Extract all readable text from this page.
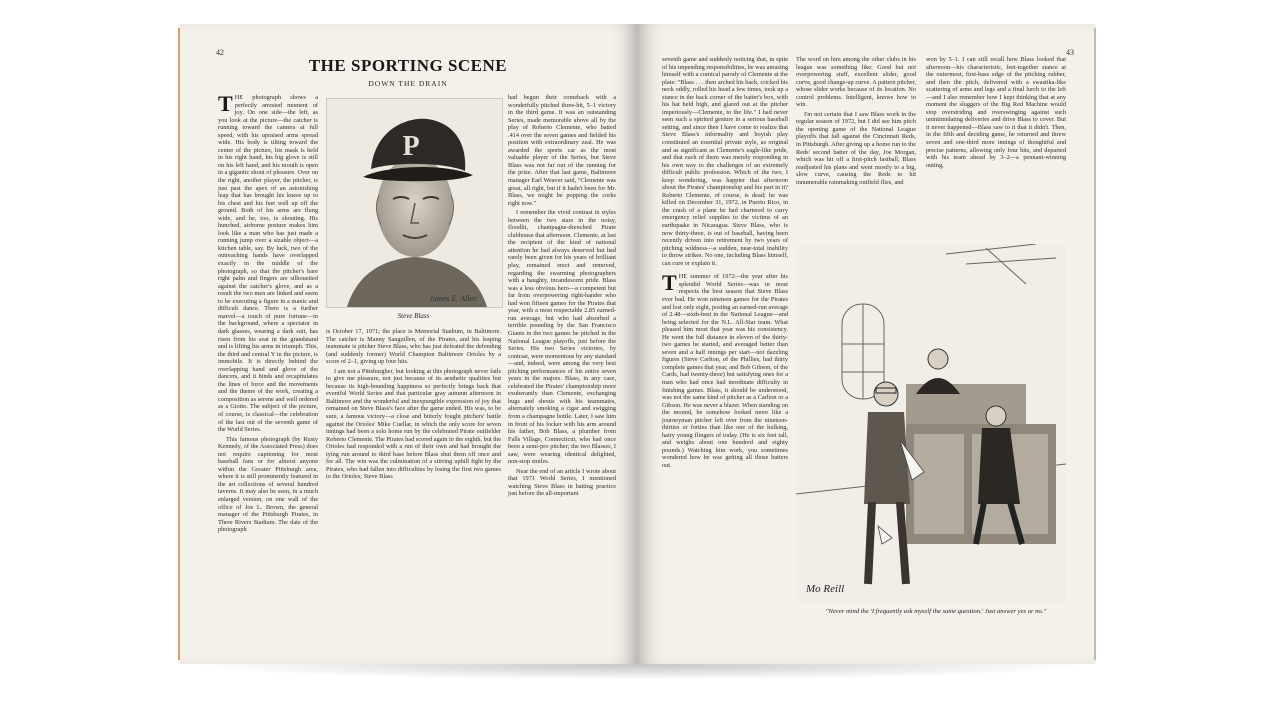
42
THE SPORTING SCENE
DOWN THE DRAIN

THE photograph shows a perfectly arrested moment of joy. On one side—the left, as you look at the picture—the catcher is running toward the camera at full speed, with his upraised arms spread wide. His body is tilting toward the center of the picture, his mask is held in his right hand, his big glove is still on his left hand, and his mouth is open in a gigantic shout of pleasure. Over on the right, another player, the pitcher, is just past the apex of an astonishing leap that has brought his knees up to his chest and his feet well up off the ground. Both of his arms are flung wide, and he, too, is shouting. His hunched, airborne posture makes him look like a man who has just made a running jump over a sizable object—a kitchen table, say. By luck, two of the outreaching hands have overlapped exactly in the middle of the photograph, so that the pitcher's bare right palm and fingers are silhouetted against the catcher's glove, and as a result the two men are linked and seem to be executing a figure in a manic and difficult dance. There is a further marvel—a touch of pure fortune—in the background, where a spectator in dark glasses, wearing a dark suit, has risen from his seat in the grandstand and is lifting his arms in triumph. This, the third and central Y in the picture, is immobile. It is directly behind the overlapping hand and glove of the dancers, and it binds and recapitulates the lines of force and the movements and the theme of the work, creating a composition as serene and well ordered as a Giotto. The subject of the picture, of course, is classical—the celebration of the last out of the seventh game of the World Series.

This famous photograph (by Rusty Kennedy, of the Associated Press) does not require captioning for most baseball fans or for almost anyone within the Greater Pittsburgh area, where it is still prominently featured in the art collections of several hundred taverns. It may also be seen, in a much enlarged version, on one wall of the office of Joe L. Brown, the general manager of the Pittsburgh Pirates, in Three Rivers Stadium. The date of the photograph

P
James E. Allen
Steve Blass

is October 17, 1971; the place is Memorial Stadium, in Baltimore. The catcher is Manny Sanguillen, of the Pirates, and his leaping teammate is pitcher Steve Blass, who has just defeated the defending (and suddenly former) World Champion Baltimore Orioles by a score of 2–1, giving up four hits.

I am not a Pittsburgher, but looking at this photograph never fails to give me pleasure, not just because of its aesthetic qualities but because its high-bounding happiness so perfectly brings back that eventful World Series and that particular gray autumn afternoon in Baltimore and the wonderful and inexpungible expression of joy that remained on Steve Blass's face after the game ended. His was, to be sure, a famous victory—a close and bitterly fought pitchers' battle against the Orioles' Mike Cuellar, in which the only score for seven innings had been a solo home run by the celebrated Pirate outfielder Roberto Clemente. The Pirates had scored again in the eighth, but the Orioles had responded with a run of their own and had brought the tying run around to third base before Blass shut them off once and for all. The win was the culmination of a stirring uphill fight by the Pirates, who had fallen into difficulties by losing the first two games to the Orioles; Steve Blass

had begun their comeback with a wonderfully pitched three-hit, 5–1 victory in the third game. It was an outstanding Series, made memorable above all by the play of Roberto Clemente, who batted .414 over the seven games and fielded his position with extraordinary zeal. He was awarded the sports car as the most valuable player of the Series, but Steve Blass was not far out of the running for the prize. After that last game, Baltimore manager Earl Weaver said, "Clemente was great, all right, but if it hadn't been for Mr. Blass, we might be popping the corks right now."

I remember the vivid contrast in styles between the two stars in the noisy, floodlit, champagne-drenched Pirate clubhouse that afternoon. Clemente, at last the recipient of the kind of national attention he had always deserved but had rarely been given for his years of brilliant play, remained erect and removed, regarding the swarming photographers with a haughty, incandescent pride. Blass was a less obvious hero—a competent but far from overpowering right-hander who had won fifteen games for the Pirates that year, with a most respectable 2.85 earned-run average, but who had absorbed a terrible pounding by the San Francisco Giants in the two games he pitched in the National League playoffs, just before the Series. His two Series victories, by contrast, were momentous by any standard—and, indeed, were among the very best pitching performances of his entire seven years in the majors. Blass, in any case, celebrated the Pirates' championship more exuberantly than Clemente, exchanging hugs and shouts with his teammates, alternately smoking a cigar and swigging from a champagne bottle. Later, I saw him in front of his locker with his arm around his father, Bob Blass, a plumber from Falls Village, Connecticut, who had once been a semi-pro pitcher; the two Blasses, I saw, were wearing identical delighted, non-stop smiles.

Near the end of an article I wrote about that 1971 World Series, I mentioned watching Steve Blass in batting practice just before the all-important

43

seventh game and suddenly noticing that, in spite of his impending responsibilities, he was amusing himself with a comical parody of Clemente at the plate: "Blass . . . then arched his back, cricked his neck oddly, rolled his head a few times, took up a stance in the back corner of the batter's box, with his bat held high, and glared out at the pitcher imperiously—Clemente, to the life." I had never seen such a spirited gesture in a serious baseball setting, and since then I have come to realize that Steve Blass's informality and boyish play constituted an essential private style, as original and as significant as Clemente's eagle-like pride, and that each of them was merely responding in his own way to the challenges of an extremely difficult public profession. Which of the two, I keep wondering, was happier that afternoon about the Pirates' championship and his part in it? Roberto Clemente, of course, is dead; he was killed on December 31, 1972, in Puerto Rico, in the crash of a plane he had chartered to carry emergency relief supplies to the victims of an earthquake in Nicaragua. Steve Blass, who is now thirty-three, is out of baseball, having been recently driven into retirement by two years of pitching wildness—a sudden, near-total inability to throw strikes. No one, including Blass himself, can cure or explain it.

THE summer of 1972—the year after his splendid World Series—was in most respects the best season that Steve Blass ever had. He won nineteen games for the Pirates and lost only eight, posting an earned-run average of 2.48—sixth-best in the National League—and being selected for the N.L. All-Star team. What pleased him most that year was his consistency. He went the full distance in eleven of the thirty-two games he started, and averaged better than seven and a half innings per start—not dazzling figures (Steve Carlton, of the Phillies, had thirty complete games that year, and Bob Gibson, of the Cards, had twenty-three) but satisfying ones for a man who had once had inordinate difficulty in finishing games. Blass, it should be understood, was not the same kind of pitcher as a Carlton or a Gibson. He was never a blazer. When standing on the mound, he somehow looked more like a journeyman pitcher left over from the nineteen-thirties or forties than like one of the hulking, hairy young flingers of today. (He is six feet tall, and weighs about one hundred and eighty pounds.) Watching him work, you sometimes wondered how he was getting all those batters out.

The word on him among the other clubs in his league was something like: Good but not overpowering stuff, excellent slider, good curve, good change-up curve. A pattern pitcher, whose slider works because of its location. No control problems. Intelligent, knows how to win.

I'm not certain that I saw Blass work in the regular season of 1972, but I did see him pitch the opening game of the National League playoffs that fall against the Cincinnati Reds, in Pittsburgh. After giving up a home run to the Reds' second batter of the day, Joe Morgan, which was hit off a first-pitch fastball, Blass readjusted his plans and went mostly to a big, slow curve, causing the Reds to hit innumerable rainmaking outfield flies, and

won by 5–1. I can still recall how Blass looked that afternoon—his characteristic, feet-together stance at the outermost, first-base edge of the pitching rubber, and then the pitch, delivered with a swastika-like scattering of arms and legs and a final lurch to the left—and I also remember how I kept thinking that at any moment the sluggers of the Big Red Machine would stop overstriding and overswinging against such unintimidating deliveries and drive Blass to cover. But it never happened—Blass saw to it that it didn't. Then, in the fifth and deciding game, he returned and threw seven and one-third more innings of thoughtful and precise patterns, allowing only four hits, and departed with his team ahead by 3–2—a pennant-winning outing,

Mo Reill
"Never mind the 'I frequently ask myself the same question.' Just answer yes or no."
